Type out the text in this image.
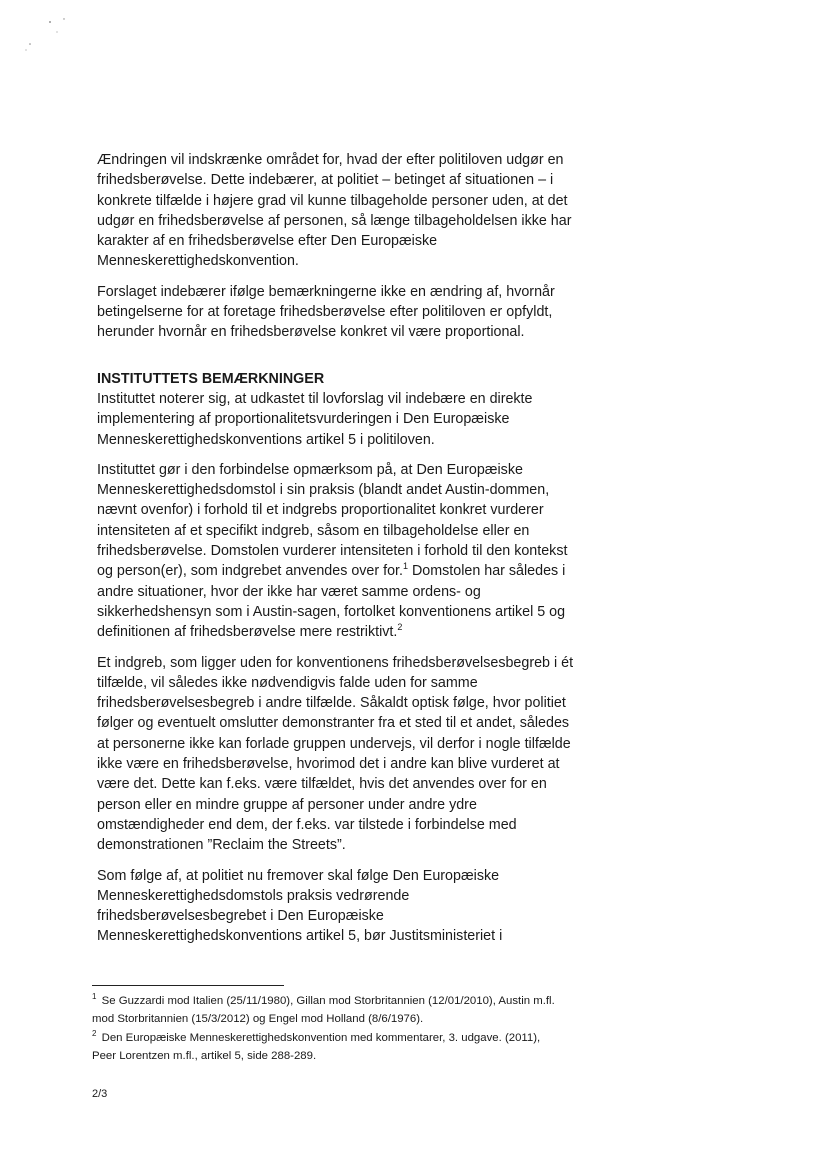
Ændringen vil indskrænke området for, hvad der efter politiloven udgør en frihedsberøvelse. Dette indebærer, at politiet – betinget af situationen – i konkrete tilfælde i højere grad vil kunne tilbageholde personer uden, at det udgør en frihedsberøvelse af personen, så længe tilbageholdelsen ikke har karakter af en frihedsberøvelse efter Den Europæiske Menneskerettighedskonvention.

Forslaget indebærer ifølge bemærkningerne ikke en ændring af, hvornår betingelserne for at foretage frihedsberøvelse efter politiloven er opfyldt, herunder hvornår en frihedsberøvelse konkret vil være proportional.

INSTITUTTETS BEMÆRKNINGER

Instituttet noterer sig, at udkastet til lovforslag vil indebære en direkte implementering af proportionalitetsvurderingen i Den Europæiske Menneskerettighedskonventions artikel 5 i politiloven.

Instituttet gør i den forbindelse opmærksom på, at Den Europæiske Menneskerettighedsdomstol i sin praksis (blandt andet Austin-dommen, nævnt ovenfor) i forhold til et indgrebs proportionalitet konkret vurderer intensiteten af et specifikt indgreb, såsom en tilbageholdelse eller en frihedsberøvelse. Domstolen vurderer intensiteten i forhold til den kontekst og person(er), som indgrebet anvendes over for.$^1$ Domstolen har således i andre situationer, hvor der ikke har været samme ordens- og sikkerhedshensyn som i Austin-sagen, fortolket konventionens artikel 5 og definitionen af frihedsberøvelse mere restriktivt.$^2$

Et indgreb, som ligger uden for konventionens frihedsberøvelsesbegreb i ét tilfælde, vil således ikke nødvendigvis falde uden for samme frihedsberøvelsesbegreb i andre tilfælde. Såkaldt optisk følge, hvor politiet følger og eventuelt omslutter demonstranter fra et sted til et andet, således at personerne ikke kan forlade gruppen undervejs, vil derfor i nogle tilfælde ikke være en frihedsberøvelse, hvorimod det i andre kan blive vurderet at være det. Dette kan f.eks. være tilfældet, hvis det anvendes over for en person eller en mindre gruppe af personer under andre ydre omstændigheder end dem, der f.eks. var tilstede i forbindelse med demonstrationen ”Reclaim the Streets”.

Som følge af, at politiet nu fremover skal følge Den Europæiske Menneskerettighedsdomstols praksis vedrørende frihedsberøvelsesbegrebet i Den Europæiske Menneskerettighedskonventions artikel 5, bør Justitsministeriet i

$^1$ Se Guzzardi mod Italien (25/11/1980), Gillan mod Storbritannien (12/01/2010), Austin m.fl. mod Storbritannien (15/3/2012) og Engel mod Holland (8/6/1976).
$^2$ Den Europæiske Menneskerettighedskonvention med kommentarer, 3. udgave. (2011), Peer Lorentzen m.fl., artikel 5, side 288-289.
2/3
